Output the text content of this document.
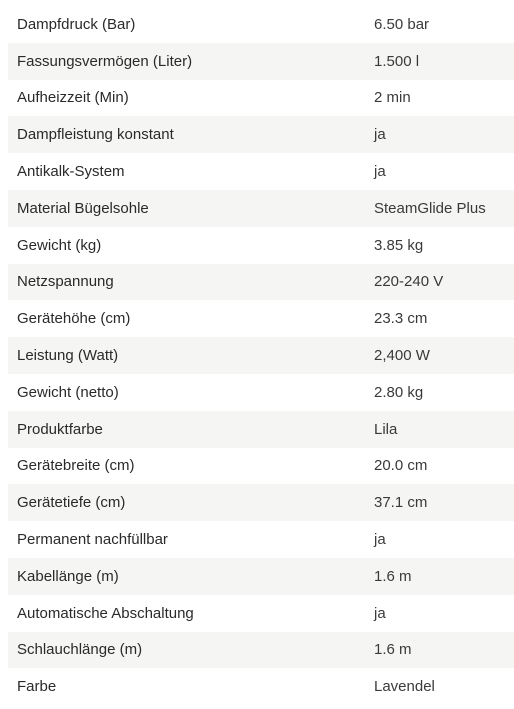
Dampfdruck (Bar)	6.50 bar
Fassungsvermögen (Liter)	1.500 l
Aufheizzeit (Min)	2 min
Dampfleistung konstant	ja
Antikalk-System	ja
Material Bügelsohle	SteamGlide Plus
Gewicht (kg)	3.85 kg
Netzspannung	220-240 V
Gerätehöhe (cm)	23.3 cm
Leistung (Watt)	2,400 W
Gewicht (netto)	2.80 kg
Produktfarbe	Lila
Gerätebreite (cm)	20.0 cm
Gerätetiefe (cm)	37.1 cm
Permanent nachfüllbar	ja
Kabellänge (m)	1.6 m
Automatische Abschaltung	ja
Schlauchlänge (m)	1.6 m
Farbe	Lavendel
